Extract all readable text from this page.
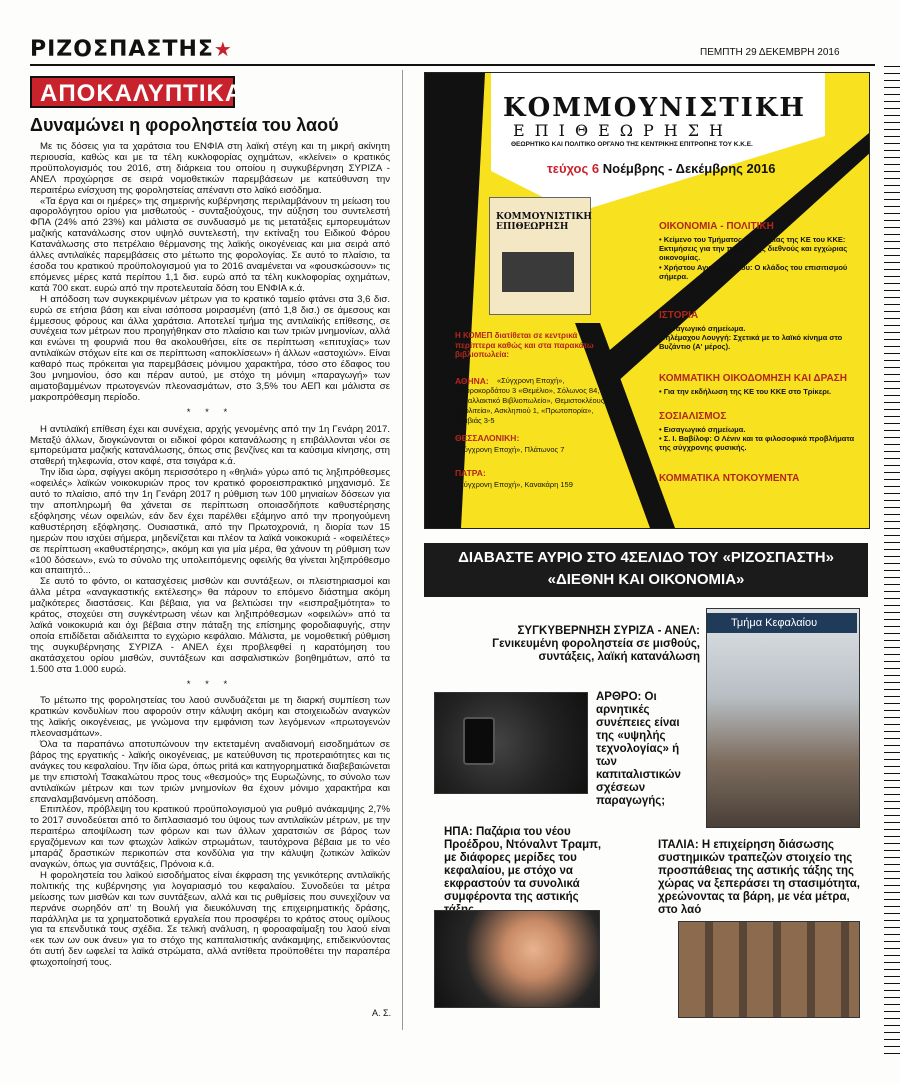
ΡΙΖΟΣΠΑΣΤΗΣ★	ΠΕΜΠΤΗ 29 ΔΕΚΕΜΒΡΗ 2016
ΑΠΟΚΑΛΥΠΤΙΚΑ
Δυναμώνει η φοροληστεία του λαού

Με τις δόσεις για τα χαράτσια του ΕΝΦΙΑ στη λαϊκή στέγη και τη μικρή ακίνητη περιουσία, καθώς και με τα τέλη κυκλοφορίας οχημάτων, «κλείνει» ο κρατικός προϋπολογισμός του 2016, στη διάρκεια του οποίου η συγκυβέρνηση ΣΥΡΙΖΑ - ΑΝΕΛ προχώρησε σε σειρά νομοθετικών παρεμβάσεων με κατεύθυνση την περαιτέρω ενίσχυση της φοροληστείας απέναντι στο λαϊκό εισόδημα.

«Τα έργα και οι ημέρες» της σημερινής κυβέρνησης περιλαμβάνουν τη μείωση του αφορολόγητου ορίου για μισθωτούς - συνταξιούχους, την αύξηση του συντελεστή ΦΠΑ (24% από 23%) και μάλιστα σε συνδυασμό με τις μετατάξεις εμπορευμάτων μαζικής κατανάλωσης στον υψηλό συντελεστή, την εκτίναξη του Ειδικού Φόρου Κατανάλωσης στο πετρέλαιο θέρμανσης της λαϊκής οικογένειας και μια σειρά από άλλες αντιλαϊκές παρεμβάσεις στο μέτωπο της φορολογίας. Σε αυτό το πλαίσιο, τα έσοδα του κρατικού προϋπολογισμού για το 2016 αναμένεται να «φουσκώσουν» τις επόμενες μέρες κατά περίπου 1,1 δισ. ευρώ από τα τέλη κυκλοφορίας οχημάτων, κατά 700 εκατ. ευρώ από την προτελευταία δόση του ΕΝΦΙΑ κ.ά.

Η απόδοση των συγκεκριμένων μέτρων για το κρατικό ταμείο φτάνει στα 3,6 δισ. ευρώ σε ετήσια βάση και είναι ισόποσα μοιρασμένη (από 1,8 δισ.) σε άμεσους και έμμεσους φόρους και άλλα χαράτσια. Αποτελεί τμήμα της αντιλαϊκής επίθεσης, σε συνέχεια των μέτρων που προηγήθηκαν στο πλαίσιο και των τριών μνημονίων, αλλά και ενώνει τη φουρνιά που θα ακολουθήσει, είτε σε περίπτωση «επιτυχίας» των αντιλαϊκών στόχων είτε και σε περίπτωση «αποκλίσεων» ή άλλων «αστοχιών». Είναι καθαρό πως πρόκειται για παρεμβάσεις μόνιμου χαρακτήρα, τόσο στο έδαφος του 3ου μνημονίου, όσο και πέραν αυτού, με στόχο τη μόνιμη «παραγωγή» των αιματοβαμμένων πρωτογενών πλεονασμάτων, στο 3,5% του ΑΕΠ και μάλιστα σε μακροπρόθεσμη περίοδο.

* * *

Η αντιλαϊκή επίθεση έχει και συνέχεια, αρχής γενομένης από την 1η Γενάρη 2017. Μεταξύ άλλων, διογκώνονται οι ειδικοί φόροι κατανάλωσης η επιβάλλονται νέοι σε εμπορεύματα μαζικής κατανάλωσης, όπως στις βενζίνες και τα καύσιμα κίνησης, στη σταθερή τηλεφωνία, στον καφέ, στα τσιγάρα κ.ά.

Την ίδια ώρα, σφίγγει ακόμη περισσότερο η «θηλιά» γύρω από τις ληξιπρόθεσμες «οφειλές» λαϊκών νοικοκυριών προς τον κρατικό φοροεισπρακτικό μηχανισμό. Σε αυτό το πλαίσιο, από την 1η Γενάρη 2017 η ρύθμιση των 100 μηνιαίων δόσεων για την αποπληρωμή θα χάνεται σε περίπτωση οποιασδήποτε καθυστέρησης εξόφλησης νέων οφειλών, εάν δεν έχει παρέλθει εξάμηνο από την προηγούμενη καθυστέρηση εξόφλησης. Ουσιαστικά, από την Πρωτοχρονιά, η διορία των 15 ημερών που ισχύει σήμερα, μηδενίζεται και πλέον τα λαϊκά νοικοκυριά - «οφειλέτες» σε περίπτωση «καθυστέρησης», ακόμη και για μία μέρα, θα χάνουν τη ρύθμιση των «100 δόσεων», ενώ το σύνολο της υπολειπόμενης οφειλής θα γίνεται ληξιπρόθεσμο και απαιτητό...

Σε αυτό το φόντο, οι κατασχέσεις μισθών και συντάξεων, οι πλειστηριασμοί και άλλα μέτρα «αναγκαστικής εκτέλεσης» θα πάρουν το επόμενο διάστημα ακόμη μαζικότερες διαστάσεις. Και βέβαια, για να βελτιώσει την «εισπραξιμότητα» το κράτος, στοχεύει στη συγκέντρωση νέων και ληξιπρόθεσμων «οφειλών» από τα λαϊκά νοικοκυριά και όχι βέβαια στην πάταξη της επίσημης φοροδιαφυγής, στην οποία επιδίδεται αδιάλειπτα το εγχώριο κεφάλαιο. Μάλιστα, με νομοθετική ρύθμιση της συγκυβέρνησης ΣΥΡΙΖΑ - ΑΝΕΛ έχει προβλεφθεί η καρατόμηση του ακατάσχετου ορίου μισθών, συντάξεων και ασφαλιστικών βοηθημάτων, από τα 1.500 στα 1.000 ευρώ.

* * *

Το μέτωπο της φοροληστείας του λαού συνδυάζεται με τη διαρκή συμπίεση των κρατικών κονδυλίων που αφορούν στην κάλυψη ακόμη και στοιχειωδών αναγκών της λαϊκής οικογένειας, με γνώμονα την εμφάνιση των λεγόμενων «πρωτογενών πλεονασμάτων».

Όλα τα παραπάνω αποτυπώνουν την εκτεταμένη αναδιανομή εισοδημάτων σε βάρος της εργατικής - λαϊκής οικογένειας, με κατεύθυνση τις προτεραιότητες και τις ανάγκες του κεφαλαίου. Την ίδια ώρα, όπως pritá και κατηγορηματικά διαβεβαιώνεται με την επιστολή Τσακαλώτου προς τους «θεσμούς» της Ευρωζώνης, το σύνολο των αντιλαϊκών μέτρων και των τριών μνημονίων θα έχουν μόνιμο χαρακτήρα και επαναλαμβανόμενη απόδοση.

Επιπλέον, πρόβλεψη του κρατικού προϋπολογισμού για ρυθμό ανάκαμψης 2,7% το 2017 συνοδεύεται από το διπλασιασμό του ύψους των αντιλαϊκών μέτρων, με την περαιτέρω αποψίλωση των φόρων και των άλλων χαρατσιών σε βάρος των εργαζόμενων και των φτωχών λαϊκών στρωμάτων, ταυτόχρονα βέβαια με το νέο μπαράζ δραστικών περικοπών στα κονδύλια για την κάλυψη ζωτικών λαϊκών αναγκών, όπως για συντάξεις, Πρόνοια κ.ά.

Η φοροληστεία του λαϊκού εισοδήματος είναι έκφραση της γενικότερης αντιλαϊκής πολιτικής της κυβέρνησης για λογαριασμό του κεφαλαίου. Συνοδεύει τα μέτρα μείωσης των μισθών και των συντάξεων, αλλά και τις ρυθμίσεις που συνεχίζουν να περνάνε σωρηδόν απ' τη Βουλή για διευκόλυνση της επιχειρηματικής δράσης, παράλληλα με τα χρηματοδοτικά εργαλεία που προσφέρει το κράτος στους ομίλους για τα επενδυτικά τους σχέδια. Σε τελική ανάλυση, η φοροαφαίμαξη του λαού είναι «εκ των ων ουκ άνευ» για το στόχο της καπιταλιστικής ανάκαμψης, επιδεικνύοντας ότι αυτή δεν ωφελεί τα λαϊκά στρώματα, αλλά αντίθετα προϋποθέτει την παραπέρα φτωχοποίησή τους.

Α. Σ.
ΚΟΜΜΟΥΝΙΣΤΙΚΗ
ΕΠΙΘΕΩΡΗΣΗ
ΘΕΩΡΗΤΙΚΟ ΚΑΙ ΠΟΛΙΤΙΚΟ ΟΡΓΑΝΟ ΤΗΣ ΚΕΝΤΡΙΚΗΣ ΕΠΙΤΡΟΠΗΣ ΤΟΥ Κ.Κ.Ε.
τεύχος 6 Νοέμβρης - Δεκέμβρης 2016
ΚΟΜΜΟΥΝΙΣΤΙΚΗ ΕΠΙΘΕΩΡΗΣΗ
Η ΚΟΜΕΠ διατίθεται σε κεντρικά περίπτερα καθώς και στα παρακάτω βιβλιοπωλεία:
ΑΘΗΝΑ:	«Σύγχρονη Εποχή», Μαυροκορδάτου 3 «Θεμέλιο», Σόλωνος 84, «Εναλλακτικό Βιβλιοπωλείο», Θεμιστοκλέους 37 «Πολιτεία», Ασκληπιού 1, «Πρωτοπορία», Γραβιάς 3-5
ΘΕΣΣΑΛΟΝΙΚΗ:
«Σύγχρονη Εποχή», Πλάτωνος 7
ΠΑΤΡΑ:
«Σύγχρονη Εποχή», Κανακάρη 159
ΟΙΚΟΝΟΜΙΑ - ΠΟΛΙΤΙΚΗ
• Κείμενο του Τμήματος Οικονομίας της ΚΕ του ΚΚΕ: Εκτιμήσεις για την πορεία της διεθνούς και εγχώριας οικονομίας.
• Χρήστου Αγγελόπουλου: Ο κλάδος του επισιτισμού σήμερα.
ΙΣΤΟΡΙΑ
• Εισαγωγικό σημείωμα.
•Τηλέμαχου Λουγγή: Σχετικά με το λαϊκό κίνημα στο Βυζάντιο (Α' μέρος).
ΚΟΜΜΑΤΙΚΗ ΟΙΚΟΔΟΜΗΣΗ ΚΑΙ ΔΡΑΣΗ
• Για την εκδήλωση της ΚΕ του ΚΚΕ στο Τρίκερι.
ΣΟΣΙΑΛΙΣΜΟΣ
• Εισαγωγικό σημείωμα.
• Σ. Ι. Βαβίλοφ: Ο Λένιν και τα φιλοσοφικά προβλήματα της σύγχρονης φυσικής.
ΚΟΜΜΑΤΙΚΑ ΝΤΟΚΟΥΜΕΝΤΑ
ΔΙΑΒΑΣΤΕ ΑΥΡΙΟ ΣΤΟ 4ΣΕΛΙΔΟ ΤΟΥ «ΡΙΖΟΣΠΑΣΤΗ»
«ΔΙΕΘΝΗ ΚΑΙ ΟΙΚΟΝΟΜΙΑ»
ΣΥΓΚΥΒΕΡΝΗΣΗ ΣΥΡΙΖΑ - ΑΝΕΛ: Γενικευμένη φοροληστεία σε μισθούς, συντάξεις, λαϊκή κατανάλωση
Τμήμα Κεφαλαίου
ΑΡΘΡΟ: Οι αρνητικές συνέπειες είναι της «υψηλής τεχνολογίας» ή των καπιταλιστικών σχέσεων παραγωγής;
ΗΠΑ: Παζάρια του νέου Προέδρου, Ντόναλντ Τραμπ, με διάφορες μερίδες του κεφαλαίου, με στόχο να εκφραστούν τα συνολικά συμφέροντα της αστικής
ΙΤΑΛΙΑ: Η επιχείρηση διάσωσης συστημικών τραπεζών στοιχείο της προσπάθειας της αστικής τάξης της χώρας να ξεπεράσει τη στασιμότητα, χρεώνοντας τα βάρη, με νέα μέτρα, στο λαό
